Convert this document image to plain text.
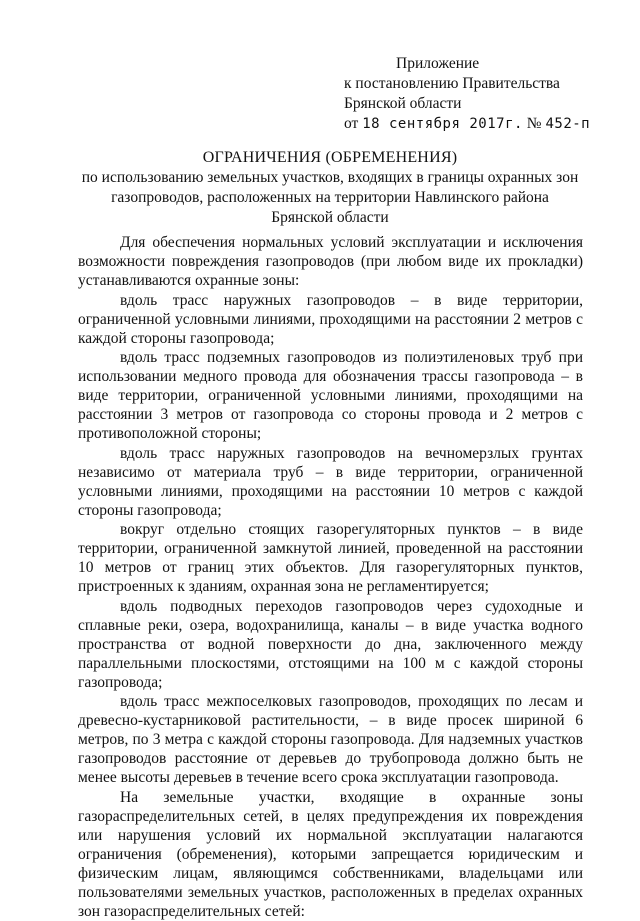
Приложение
к постановлению Правительства
Брянской области
от 18 сентября 2017г. № 452-п
ОГРАНИЧЕНИЯ (ОБРЕМЕНЕНИЯ)
по использованию земельных участков, входящих в границы охранных зон
газопроводов, расположенных на территории Навлинского района
Брянской области

Для обеспечения нормальных условий эксплуатации и исключения возможности повреждения газопроводов (при любом виде их прокладки) устанавливаются охранные зоны:

вдоль трасс наружных газопроводов – в виде территории, ограниченной условными линиями, проходящими на расстоянии 2 метров с каждой стороны газопровода;

вдоль трасс подземных газопроводов из полиэтиленовых труб при использовании медного провода для обозначения трассы газопровода – в виде территории, ограниченной условными линиями, проходящими на расстоянии 3 метров от газопровода со стороны провода и 2 метров с противоположной стороны;

вдоль трасс наружных газопроводов на вечномерзлых грунтах независимо от материала труб – в виде территории, ограниченной условными линиями, проходящими на расстоянии 10 метров с каждой стороны газопровода;

вокруг отдельно стоящих газорегуляторных пунктов – в виде территории, ограниченной замкнутой линией, проведенной на расстоянии 10 метров от границ этих объектов. Для газорегуляторных пунктов, пристроенных к зданиям, охранная зона не регламентируется;

вдоль подводных переходов газопроводов через судоходные и сплавные реки, озера, водохранилища, каналы – в виде участка водного пространства от водной поверхности до дна, заключенного между параллельными плоскостями, отстоящими на 100 м с каждой стороны газопровода;

вдоль трасс межпоселковых газопроводов, проходящих по лесам и древесно-кустарниковой растительности, – в виде просек шириной 6 метров, по 3 метра с каждой стороны газопровода. Для надземных участков газопроводов расстояние от деревьев до трубопровода должно быть не менее высоты деревьев в течение всего срока эксплуатации газопровода.

На земельные участки, входящие в охранные зоны газораспределительных сетей, в целях предупреждения их повреждения или нарушения условий их нормальной эксплуатации налагаются ограничения (обременения), которыми запрещается юридическим и физическим лицам, являющимся собственниками, владельцами или пользователями земельных участков, расположенных в пределах охранных зон газораспределительных сетей:
